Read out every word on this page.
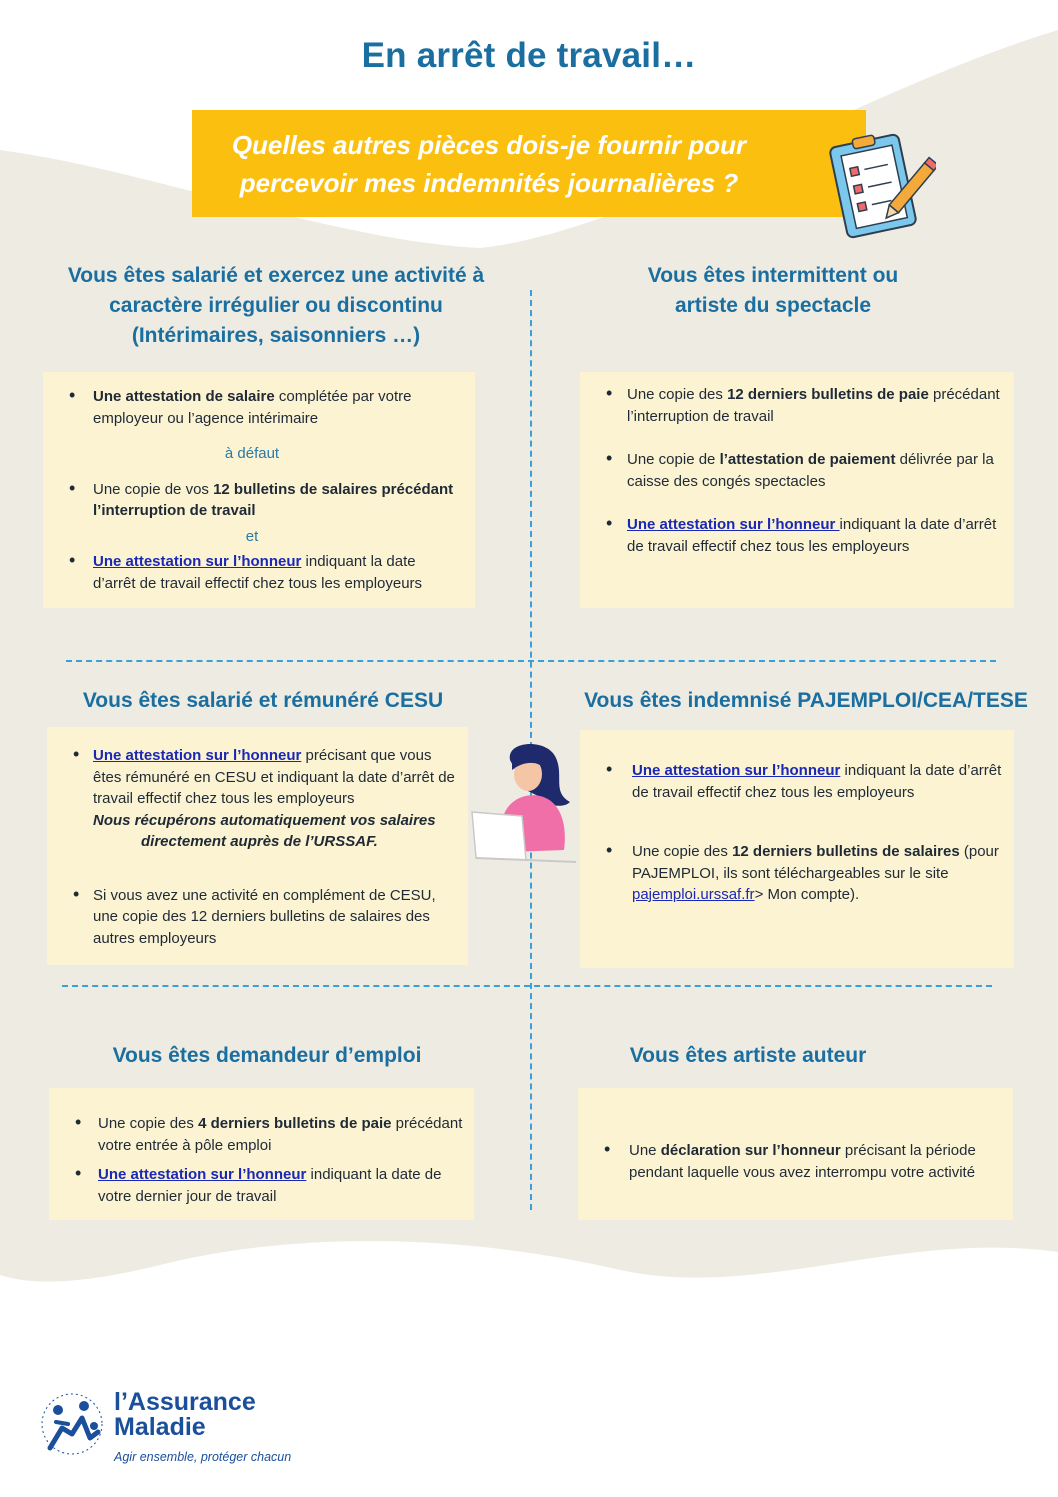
En arrêt de travail…
Quelles autres pièces dois-je fournir pour
percevoir mes indemnités journalières ?
Vous êtes salarié et exercez une activité à
caractère irrégulier ou discontinu
(Intérimaires, saisonniers …)
• Une attestation de salaire complétée par votre employeur ou l’agence intérimaire
à défaut
• Une copie de vos 12 bulletins de salaires précédant l’interruption de travail
et
• Une attestation sur l’honneur indiquant la date d’arrêt de travail effectif chez tous les employeurs
Vous êtes intermittent ou
artiste du spectacle
• Une copie des 12 derniers bulletins de paie précédant l’interruption de travail
• Une copie de l’attestation de paiement délivrée par la caisse des congés spectacles
• Une attestation sur l’honneur indiquant la date d’arrêt de travail effectif chez tous les employeurs
Vous êtes salarié et rémunéré CESU
• Une attestation sur l’honneur précisant que vous êtes rémunéré en CESU et indiquant la date d’arrêt de travail effectif chez tous les employeurs
Nous récupérons automatiquement vos salaires
directement auprès de l’URSSAF.
• Si vous avez une activité en complément de CESU, une copie des 12 derniers bulletins de salaires des autres employeurs
Vous êtes indemnisé PAJEMPLOI/CEA/TESE
• Une attestation sur l’honneur indiquant la date d’arrêt de travail effectif chez tous les employeurs
• Une copie des 12 derniers bulletins de salaires (pour PAJEMPLOI, ils sont téléchargeables sur le site pajemploi.urssaf.fr> Mon compte).
Vous êtes demandeur d’emploi
• Une copie des 4 derniers bulletins de paie précédant votre entrée à pôle emploi
• Une attestation sur l’honneur indiquant la date de votre dernier jour de travail
Vous êtes artiste auteur
• Une déclaration sur l’honneur précisant la période pendant laquelle vous avez interrompu votre activité
l’Assurance
Maladie
Agir ensemble, protéger chacun
